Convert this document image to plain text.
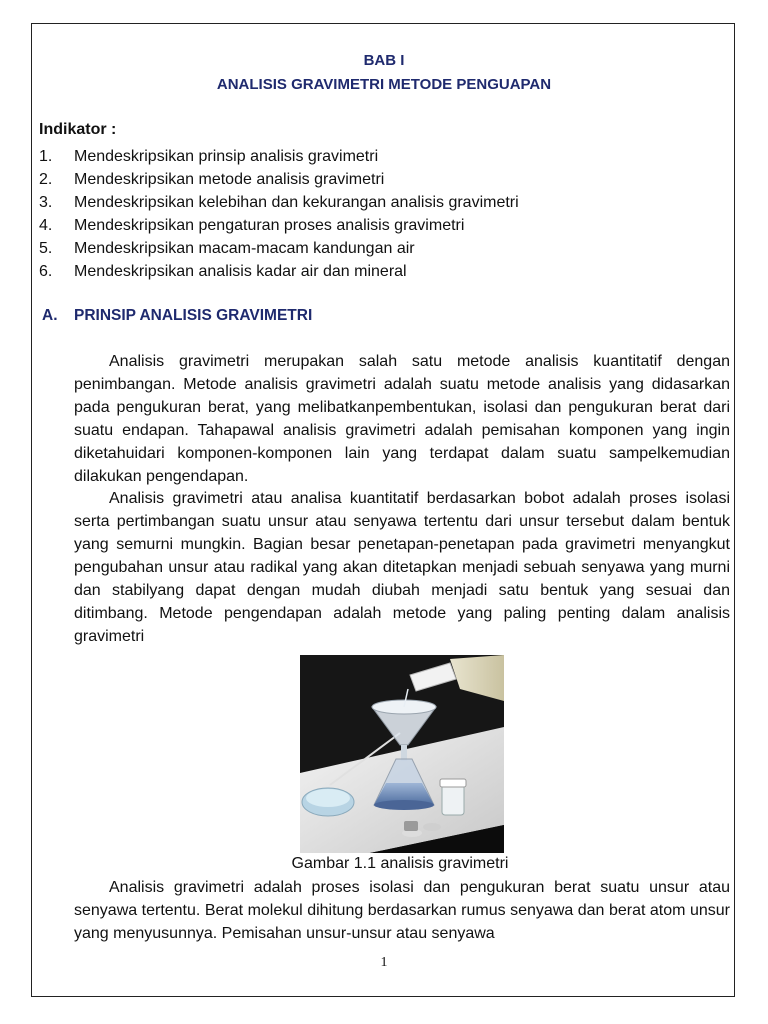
BAB I
ANALISIS GRAVIMETRI METODE PENGUAPAN
Indikator :
1. Mendeskripsikan prinsip analisis gravimetri
2. Mendeskripsikan metode analisis gravimetri
3. Mendeskripsikan kelebihan dan kekurangan analisis gravimetri
4. Mendeskripsikan pengaturan proses analisis gravimetri
5. Mendeskripsikan macam-macam kandungan air
6. Mendeskripsikan analisis kadar air dan mineral
A. PRINSIP ANALISIS GRAVIMETRI

Analisis gravimetri merupakan salah satu metode analisis kuantitatif dengan penimbangan. Metode analisis gravimetri adalah suatu metode analisis yang didasarkan pada pengukuran berat, yang melibatkanpembentukan, isolasi dan pengukuran berat dari suatu endapan. Tahapawal analisis gravimetri adalah pemisahan komponen yang ingin diketahuidari komponen-komponen lain yang terdapat dalam suatu sampelkemudian dilakukan pengendapan.

Analisis gravimetri atau analisa kuantitatif berdasarkan bobot adalah proses isolasi serta pertimbangan suatu unsur atau senyawa tertentu dari unsur tersebut dalam bentuk yang semurni mungkin. Bagian besar penetapan-penetapan pada gravimetri menyangkut pengubahan unsur atau radikal yang akan ditetapkan menjadi sebuah senyawa yang murni dan stabilyang dapat dengan mudah diubah menjadi satu bentuk yang sesuai dan ditimbang. Metode pengendapan adalah metode yang paling penting dalam analisis gravimetri

Gambar 1.1 analisis gravimetri

Analisis gravimetri adalah proses isolasi dan pengukuran berat suatu unsur atau senyawa tertentu. Berat molekul dihitung berdasarkan rumus senyawa dan berat atom unsur yang menyusunnya. Pemisahan unsur-unsur atau senyawa

1
